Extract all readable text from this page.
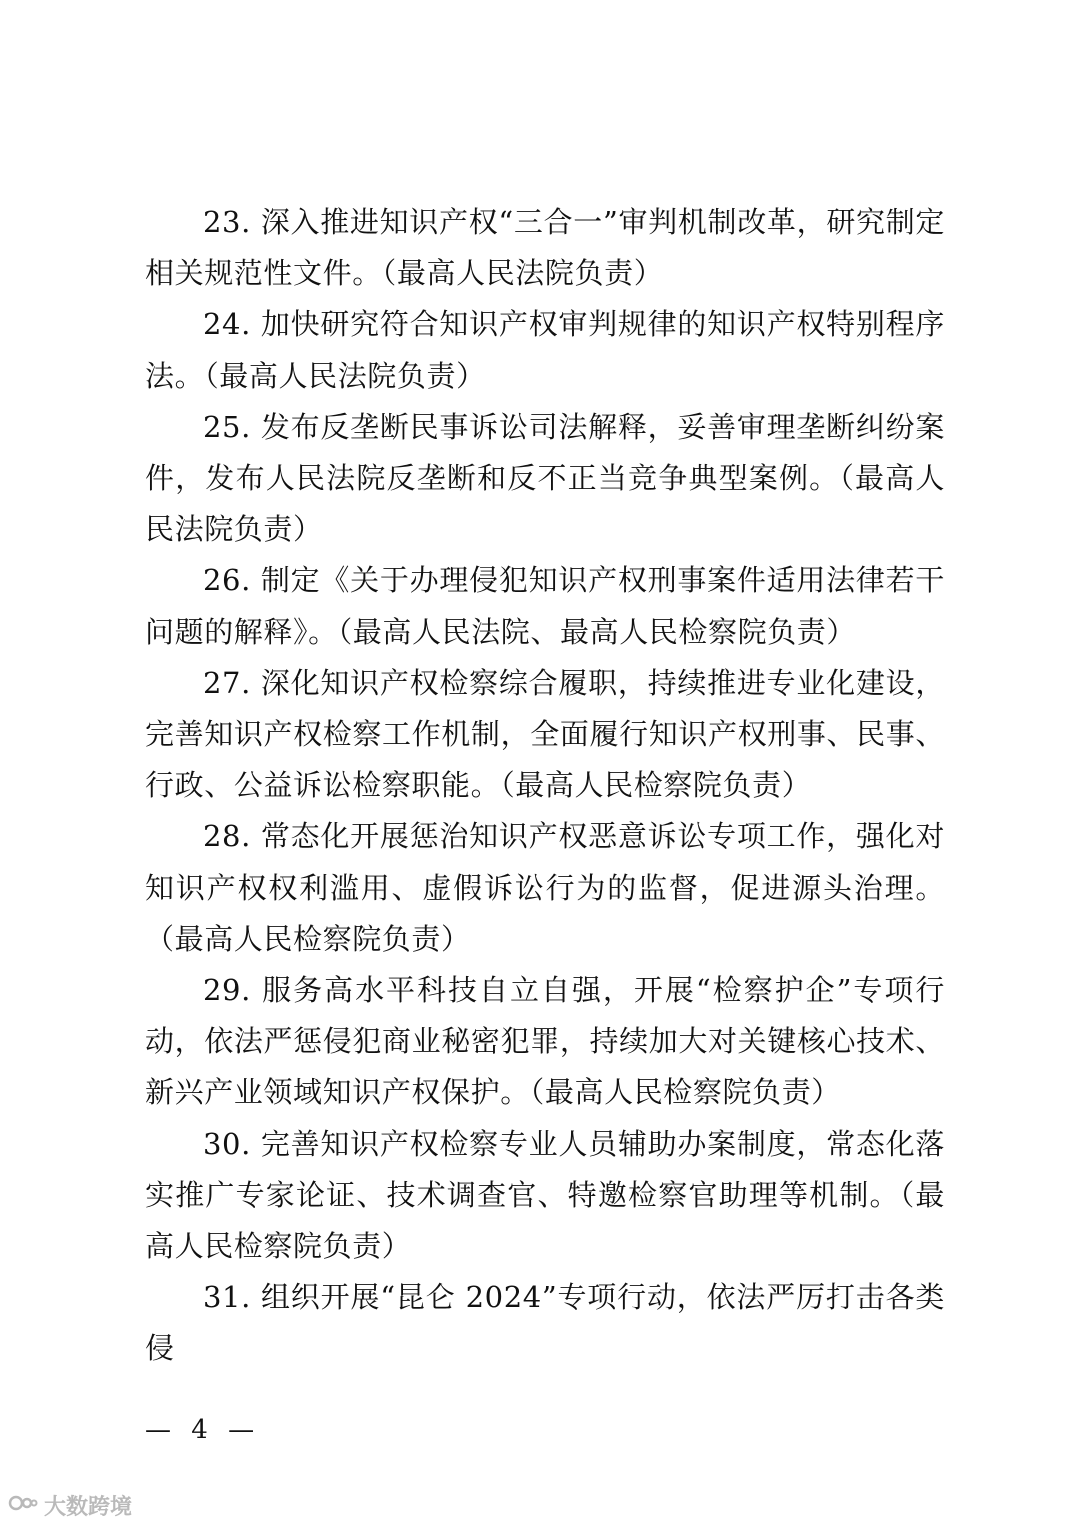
23. 深入推进知识产权“三合一”审判机制改革，研究制定相关规范性文件。（最高人民法院负责）

24. 加快研究符合知识产权审判规律的知识产权特别程序法。（最高人民法院负责）

25. 发布反垄断民事诉讼司法解释，妥善审理垄断纠纷案件，发布人民法院反垄断和反不正当竞争典型案例。（最高人民法院负责）

26. 制定《关于办理侵犯知识产权刑事案件适用法律若干问题的解释》。（最高人民法院、最高人民检察院负责）

27. 深化知识产权检察综合履职，持续推进专业化建设，完善知识产权检察工作机制，全面履行知识产权刑事、民事、行政、公益诉讼检察职能。（最高人民检察院负责）

28. 常态化开展惩治知识产权恶意诉讼专项工作，强化对知识产权权利滥用、虚假诉讼行为的监督，促进源头治理。（最高人民检察院负责）

29. 服务高水平科技自立自强，开展“检察护企”专项行动，依法严惩侵犯商业秘密犯罪，持续加大对关键核心技术、新兴产业领域知识产权保护。（最高人民检察院负责）

30. 完善知识产权检察专业人员辅助办案制度，常态化落实推广专家论证、技术调查官、特邀检察官助理等机制。（最高人民检察院负责）

31. 组织开展“昆仑 2024”专项行动，依法严厉打击各类侵

— 4 —
大数跨境
